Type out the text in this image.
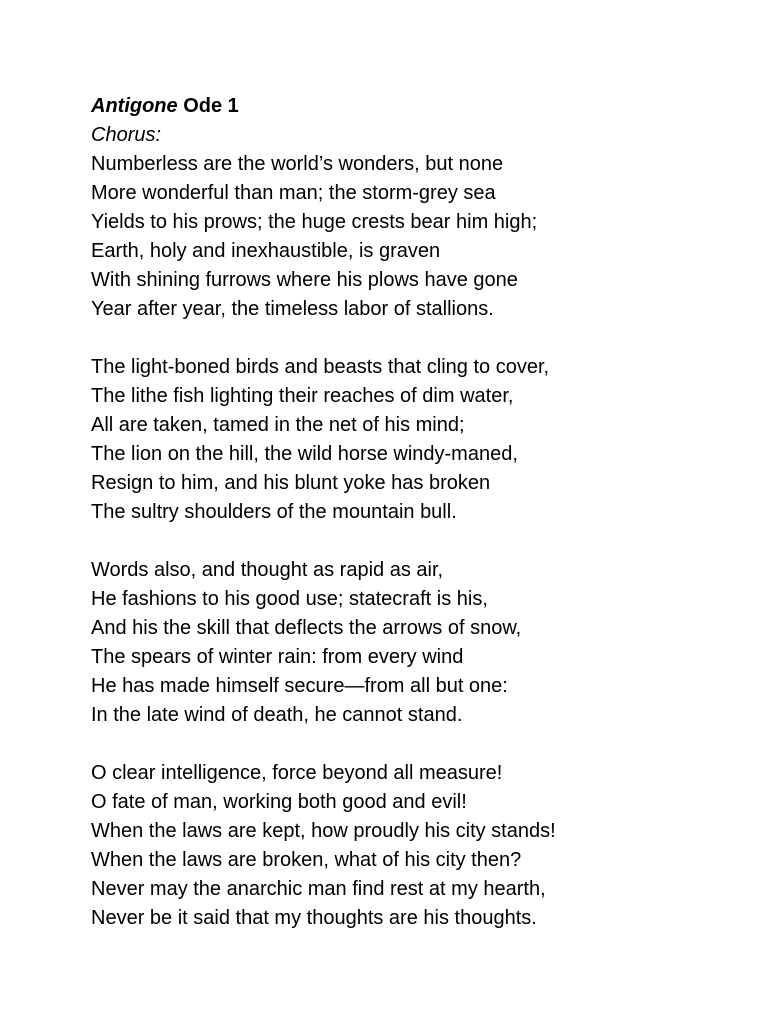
Antigone Ode 1
Chorus:
Numberless are the world’s wonders, but none
More wonderful than man; the storm-grey sea
Yields to his prows; the huge crests bear him high;
Earth, holy and inexhaustible, is graven
With shining furrows where his plows have gone
Year after year, the timeless labor of stallions.
The light-boned birds and beasts that cling to cover,
The lithe fish lighting their reaches of dim water,
All are taken, tamed in the net of his mind;
The lion on the hill, the wild horse windy-maned,
Resign to him, and his blunt yoke has broken
The sultry shoulders of the mountain bull.
Words also, and thought as rapid as air,
He fashions to his good use; statecraft is his,
And his the skill that deflects the arrows of snow,
The spears of winter rain: from every wind
He has made himself secure—from all but one:
In the late wind of death, he cannot stand.
O clear intelligence, force beyond all measure!
O fate of man, working both good and evil!
When the laws are kept, how proudly his city stands!
When the laws are broken, what of his city then?
Never may the anarchic man find rest at my hearth,
Never be it said that my thoughts are his thoughts.
